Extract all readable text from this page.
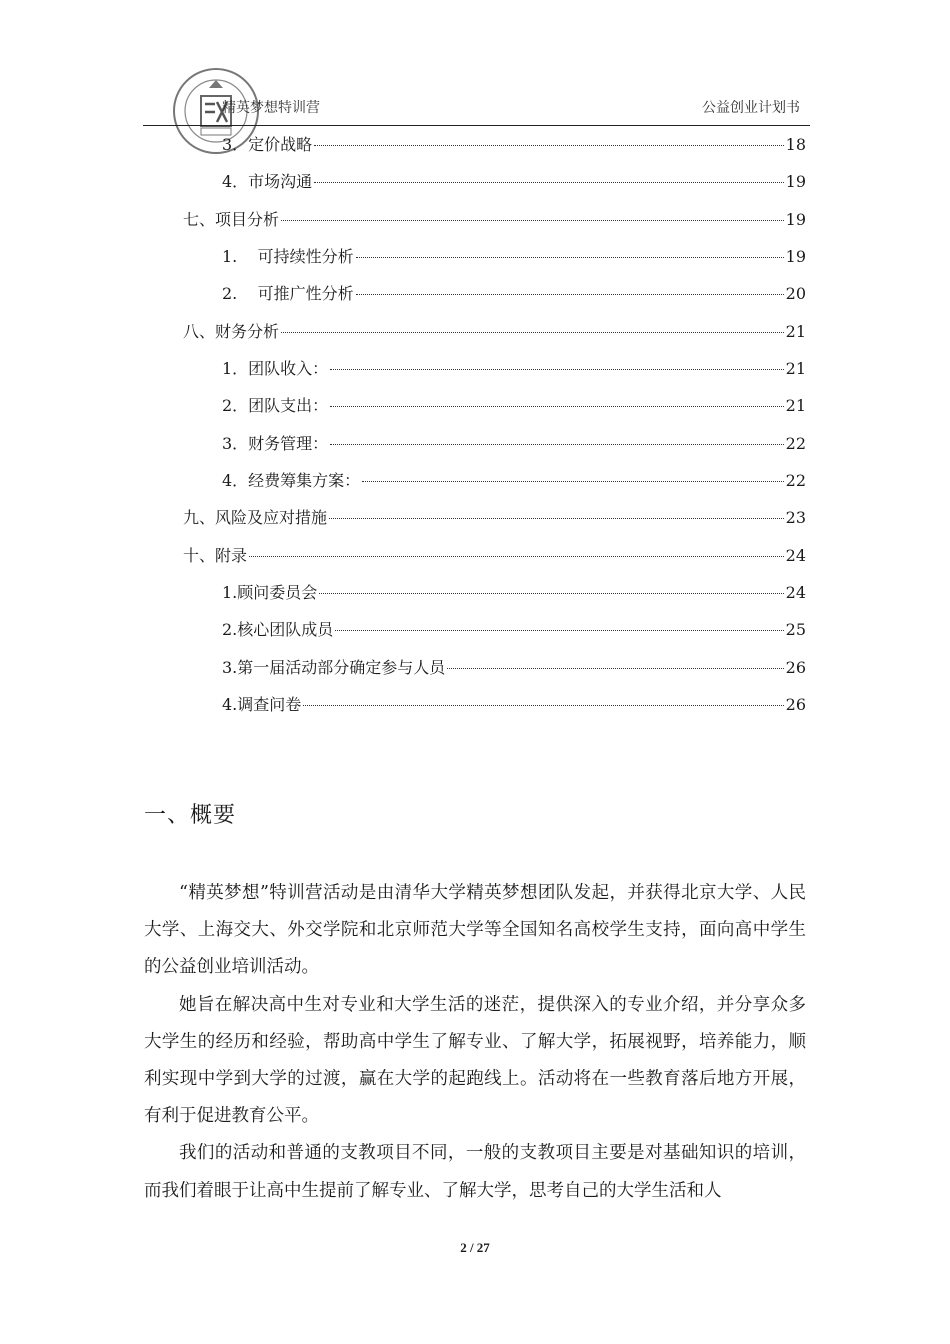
精英梦想特训营	公益创业计划书
3．定价战略	18
4．市场沟通	19
七、项目分析	19
1.    可持续性分析	19
2.    可推广性分析	20
八、财务分析	21
1．团队收入：	21
2．团队支出：	21
3．财务管理：	22
4．经费筹集方案：	22
九、风险及应对措施	23
十、附录	24
1.顾问委员会	24
2.核心团队成员	25
3.第一届活动部分确定参与人员	26
4.调查问卷	26
一、概要

“精英梦想”特训营活动是由清华大学精英梦想团队发起，并获得北京大学、人民大学、上海交大、外交学院和北京师范大学等全国知名高校学生支持，面向高中学生的公益创业培训活动。

她旨在解决高中生对专业和大学生活的迷茫，提供深入的专业介绍，并分享众多大学生的经历和经验，帮助高中学生了解专业、了解大学，拓展视野，培养能力，顺利实现中学到大学的过渡，赢在大学的起跑线上。活动将在一些教育落后地方开展，有利于促进教育公平。

我们的活动和普通的支教项目不同，一般的支教项目主要是对基础知识的培训，而我们着眼于让高中生提前了解专业、了解大学，思考自己的大学生活和人

2 / 27
